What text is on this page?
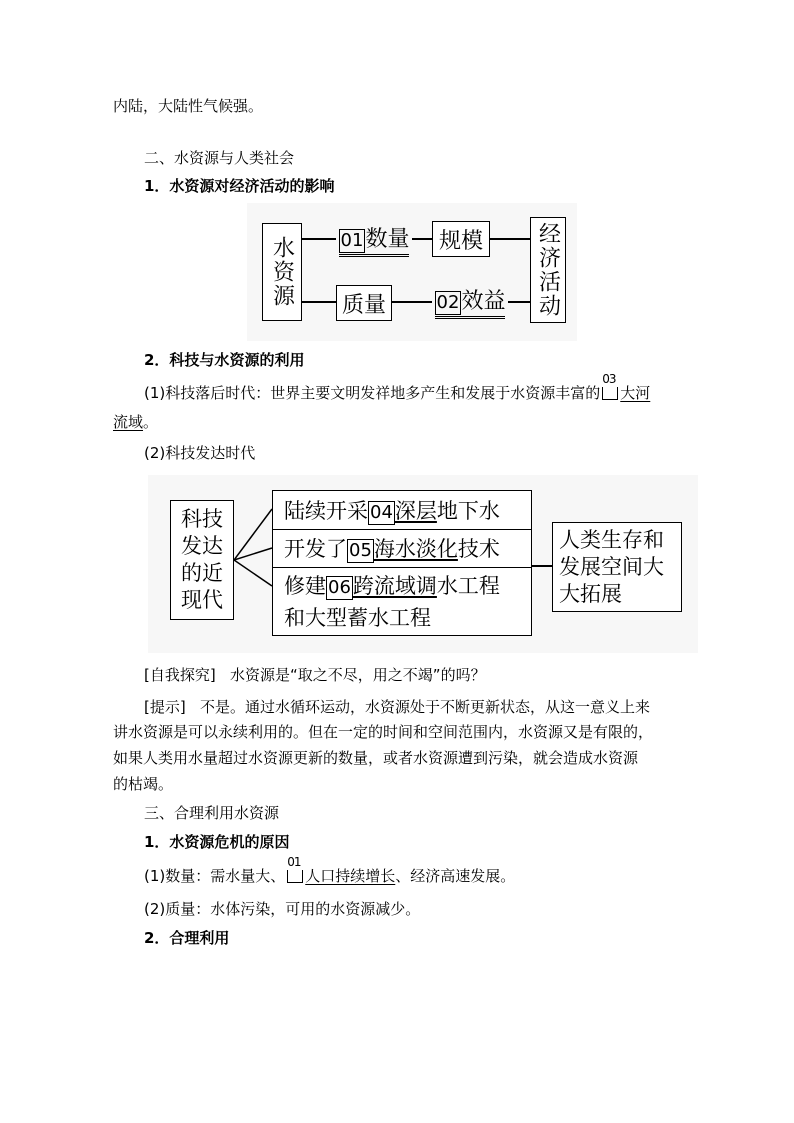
内陆，大陆性气候强。
二、水资源与人类社会
1．水资源对经济活动的影响
水资源	01数量 规模
质量	02效益 经济活动
2．科技与水资源的利用
(1)科技落后时代：世界主要文明发祥地多产生和发展于水资源丰富的
03
大河
流域。
(2)科技发达时代
科技发达的近现代
陆续开采 04深层地下水
开发了 05海水淡化技术
修建 06跨流域调水工程
和大型蓄水工程
人类生存和发展空间大大拓展
[自我探究] 水资源是“取之不尽，用之不竭”的吗？
[提示] 不是。通过水循环运动，水资源处于不断更新状态，从这一意义上来
讲水资源是可以永续利用的。但在一定的时间和空间范围内，水资源又是有限的，
如果人类用水量超过水资源更新的数量，或者水资源遭到污染，就会造成水资源
的枯竭。
三、合理利用水资源
1．水资源危机的原因
(1)数量：需水量大、
01
人口持续增长、经济高速发展。
(2)质量：水体污染，可用的水资源减少。
2．合理利用
